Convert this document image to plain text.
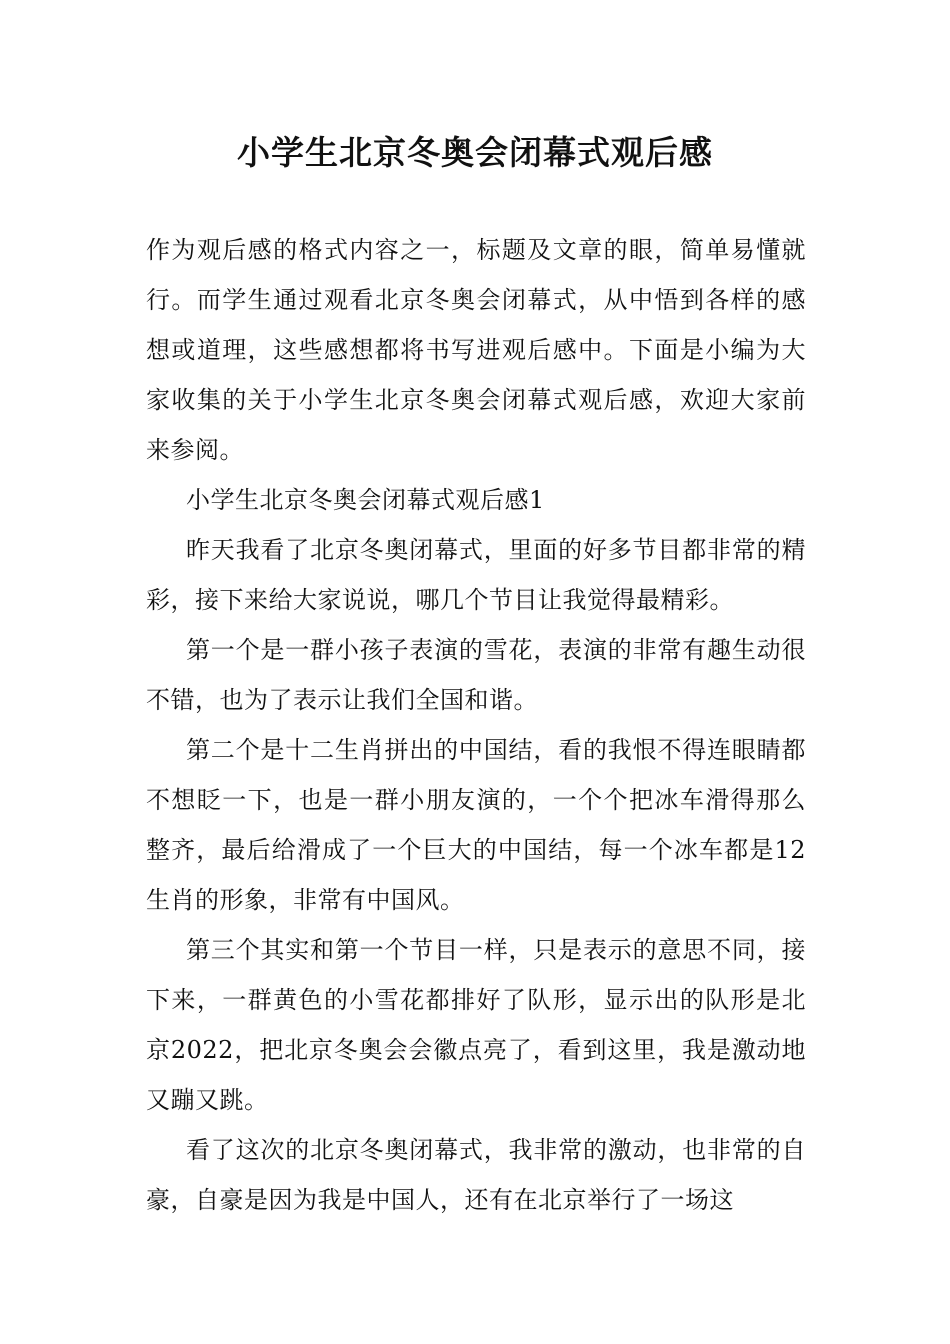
小学生北京冬奥会闭幕式观后感

作为观后感的格式内容之一，标题及文章的眼，简单易懂就行。而学生通过观看北京冬奥会闭幕式，从中悟到各样的感想或道理，这些感想都将书写进观后感中。下面是小编为大家收集的关于小学生北京冬奥会闭幕式观后感，欢迎大家前来参阅。

小学生北京冬奥会闭幕式观后感1

昨天我看了北京冬奥闭幕式，里面的好多节目都非常的精彩，接下来给大家说说，哪几个节目让我觉得最精彩。

第一个是一群小孩子表演的雪花，表演的非常有趣生动很不错，也为了表示让我们全国和谐。

第二个是十二生肖拼出的中国结，看的我恨不得连眼睛都不想眨一下，也是一群小朋友演的，一个个把冰车滑得那么整齐，最后给滑成了一个巨大的中国结，每一个冰车都是12生肖的形象，非常有中国风。

第三个其实和第一个节目一样，只是表示的意思不同，接下来，一群黄色的小雪花都排好了队形，显示出的队形是北京2022，把北京冬奥会会徽点亮了，看到这里，我是激动地又蹦又跳。

看了这次的北京冬奥闭幕式，我非常的激动，也非常的自豪，自豪是因为我是中国人，还有在北京举行了一场这
